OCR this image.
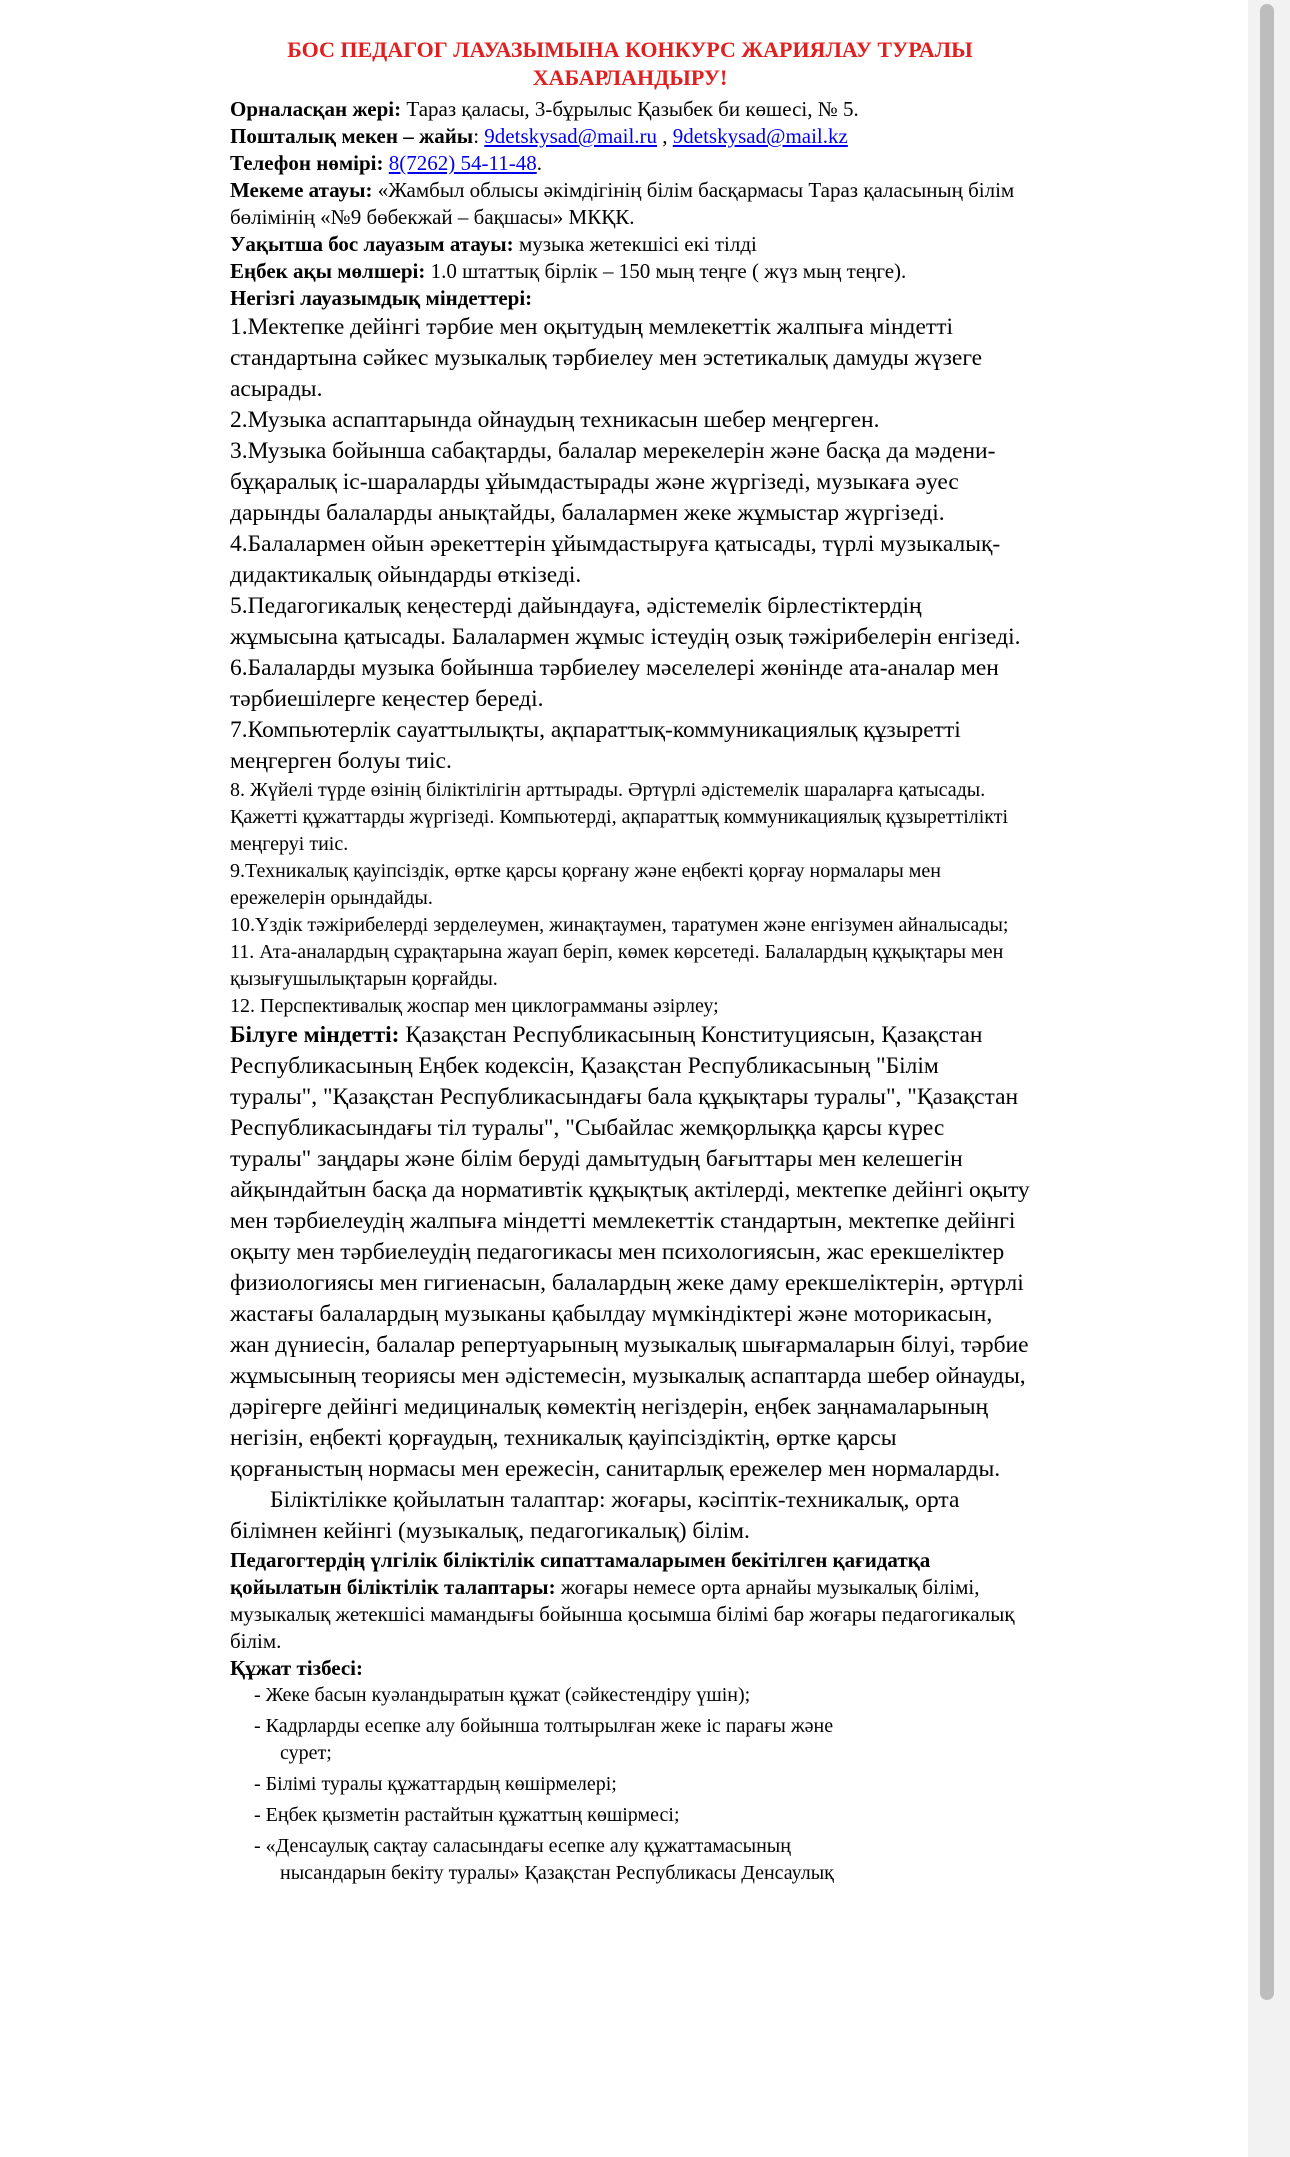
БОС ПЕДАГОГ ЛАУАЗЫМЫНА КОНКУРС ЖАРИЯЛАУ ТУРАЛЫ ХАБАРЛАНДЫРУ!

Орналасқан жері: Тараз қаласы, 3-бұрылыс Қазыбек би көшесі, № 5.

Пошталық мекен – жайы: 9detskysad@mail.ru , 9detskysad@mail.kz

Телефон нөмірі: 8(7262) 54-11-48.

Мекеме атауы: «Жамбыл облысы әкімдігінің білім басқармасы Тараз қаласының білім бөлімінің «№9 бөбекжай – бақшасы» МКҚК.

Уақытша бос лауазым атауы: музыка жетекшісі екі тілді

Еңбек ақы мөлшері: 1.0 штаттық бірлік – 150 мың теңге ( жүз мың теңге).

Негізгі лауазымдық міндеттері:

1.Мектепке дейінгі тәрбие мен оқытудың мемлекеттік жалпыға міндетті стандартына сәйкес музыкалық тәрбиелеу мен эстетикалық дамуды жүзеге асырады.

2.Музыка аспаптарында ойнаудың техникасын шебер меңгерген.

3.Музыка бойынша сабақтарды, балалар мерекелерін және басқа да мәдени-бұқаралық іс-шараларды ұйымдастырады және жүргізеді, музыкаға әуес дарынды балаларды анықтайды, балалармен жеке жұмыстар жүргізеді.

4.Балалармен ойын әрекеттерін ұйымдастыруға қатысады, түрлі музыкалық-дидактикалық ойындарды өткізеді.

5.Педагогикалық кеңестерді дайындауға, әдістемелік бірлестіктердің жұмысына қатысады. Балалармен жұмыс істеудің озық тәжірибелерін енгізеді.

6.Балаларды музыка бойынша тәрбиелеу мәселелері жөнінде ата-аналар мен тәрбиешілерге кеңестер береді.

7.Компьютерлік сауаттылықты, ақпараттық-коммуникациялық құзыретті меңгерген болуы тиіс.

8. Жүйелі түрде өзінің біліктілігін арттырады. Әртүрлі әдістемелік шараларға қатысады. Қажетті құжаттарды жүргізеді. Компьютерді, ақпараттық коммуникациялық құзыреттілікті меңгеруі тиіс.

9.Техникалық қауіпсіздік, өртке қарсы қорғану және еңбекті қорғау нормалары мен ережелерін орындайды.

10.Үздік тәжірибелерді зерделеумен, жинақтаумен, таратумен және енгізумен айналысады;

11. Ата-аналардың сұрақтарына жауап беріп, көмек көрсетеді. Балалардың құқықтары мен қызығушылықтарын қорғайды.

12. Перспективалық жоспар мен циклограмманы әзірлеу;

Білуге міндетті: Қазақстан Республикасының Конституциясын, Қазақстан Республикасының Еңбек кодексін, Қазақстан Республикасының "Білім туралы", "Қазақстан Республикасындағы бала құқықтары туралы", "Қазақстан Республикасындағы тіл туралы", "Сыбайлас жемқорлыққа қарсы күрес туралы" заңдары және білім беруді дамытудың бағыттары мен келешегін айқындайтын басқа да нормативтік құқықтық актілерді, мектепке дейінгі оқыту мен тәрбиелеудің жалпыға міндетті мемлекеттік стандартын, мектепке дейінгі оқыту мен тәрбиелеудің педагогикасы мен психологиясын, жас ерекшеліктер физиологиясы мен гигиенасын, балалардың жеке даму ерекшеліктерін, әртүрлі жастағы балалардың музыканы қабылдау мүмкіндіктері және моторикасын, жан дүниесін, балалар репертуарының музыкалық шығармаларын білуі, тәрбие жұмысының теориясы мен әдістемесін, музыкалық аспаптарда шебер ойнауды, дәрігерге дейінгі медициналық көмектің негіздерін, еңбек заңнамаларының негізін, еңбекті қорғаудың, техникалық қауіпсіздіктің, өртке қарсы қорғаныстың нормасы мен ережесін, санитарлық ережелер мен нормаларды.

Біліктілікке қойылатын талаптар: жоғары, кәсіптік-техникалық, орта білімнен кейінгі (музыкалық, педагогикалық) білім.

Педагогтердің үлгілік біліктілік сипаттамаларымен бекітілген қағидатқа қойылатын біліктілік талаптары: жоғары немесе орта арнайы музыкалық білімі, музыкалық жетекшісі мамандығы бойынша қосымша білімі бар жоғары педагогикалық білім.

Құжат тізбесі:

- Жеке басын куәландыратын құжат (сәйкестендіру үшін);
- Кадрларды есепке алу бойынша толтырылған жеке іс парағы және
сурет;
- Білімі туралы құжаттардың көшірмелері;
- Еңбек қызметін растайтын құжаттың көшірмесі;
- «Денсаулық сақтау саласындағы есепке алу құжаттамасының
нысандарын бекіту туралы» Қазақстан Республикасы Денсаулық
